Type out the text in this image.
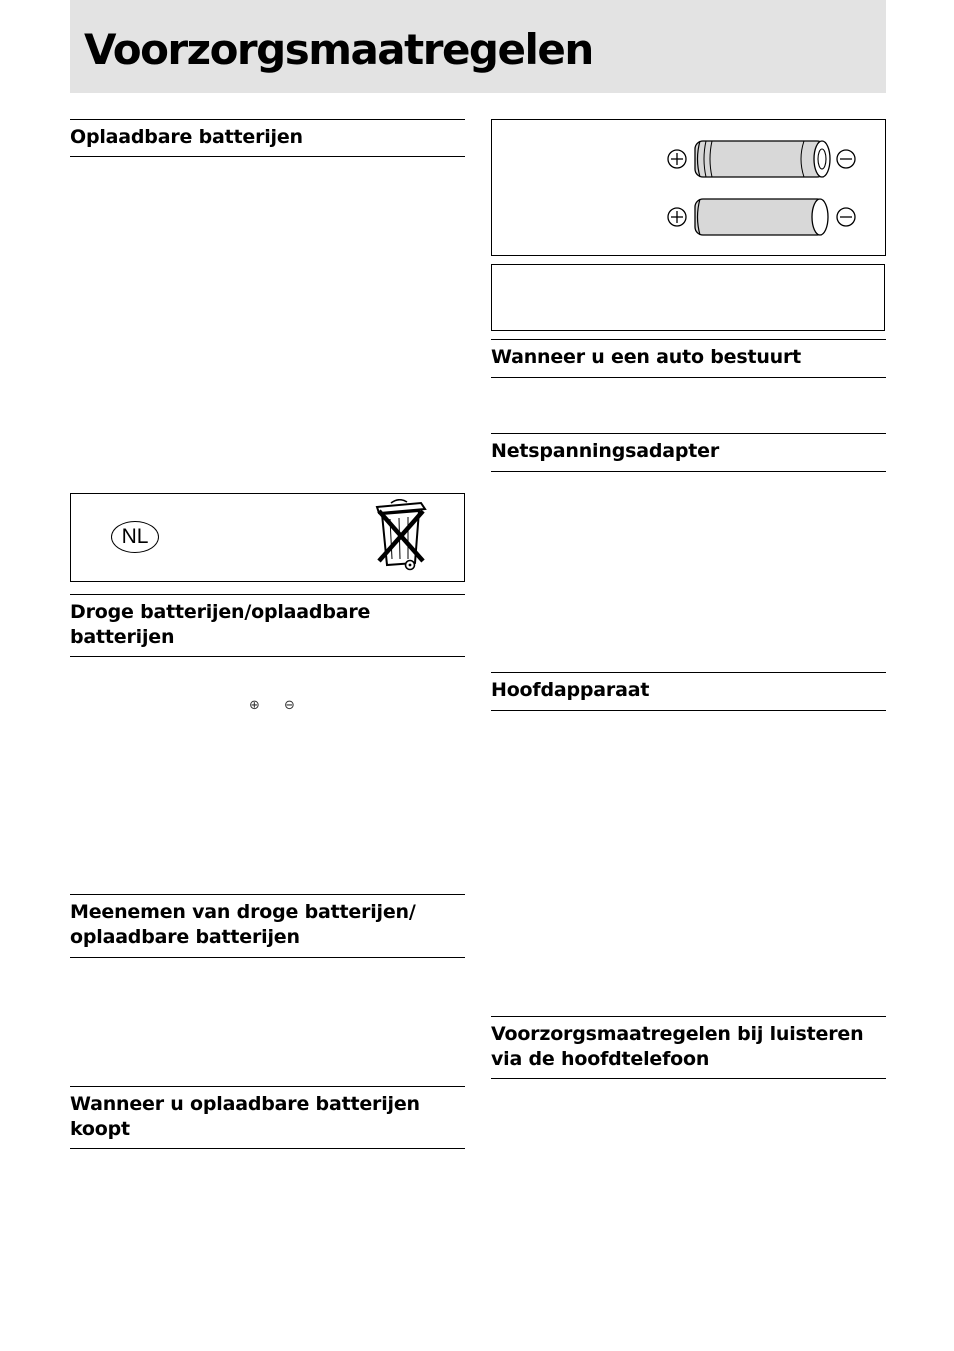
Voorzorgsmaatregelen
Oplaadbare batterijen
NL
Droge batterijen/oplaadbare batterijen
⊕ ⊖
Meenemen van droge batterijen/ oplaadbare batterijen
Wanneer u oplaadbare batterijen koopt
Wanneer u een auto bestuurt
Netspanningsadapter
Hoofdapparaat
Voorzorgsmaatregelen bij luisteren via de hoofdtelefoon
